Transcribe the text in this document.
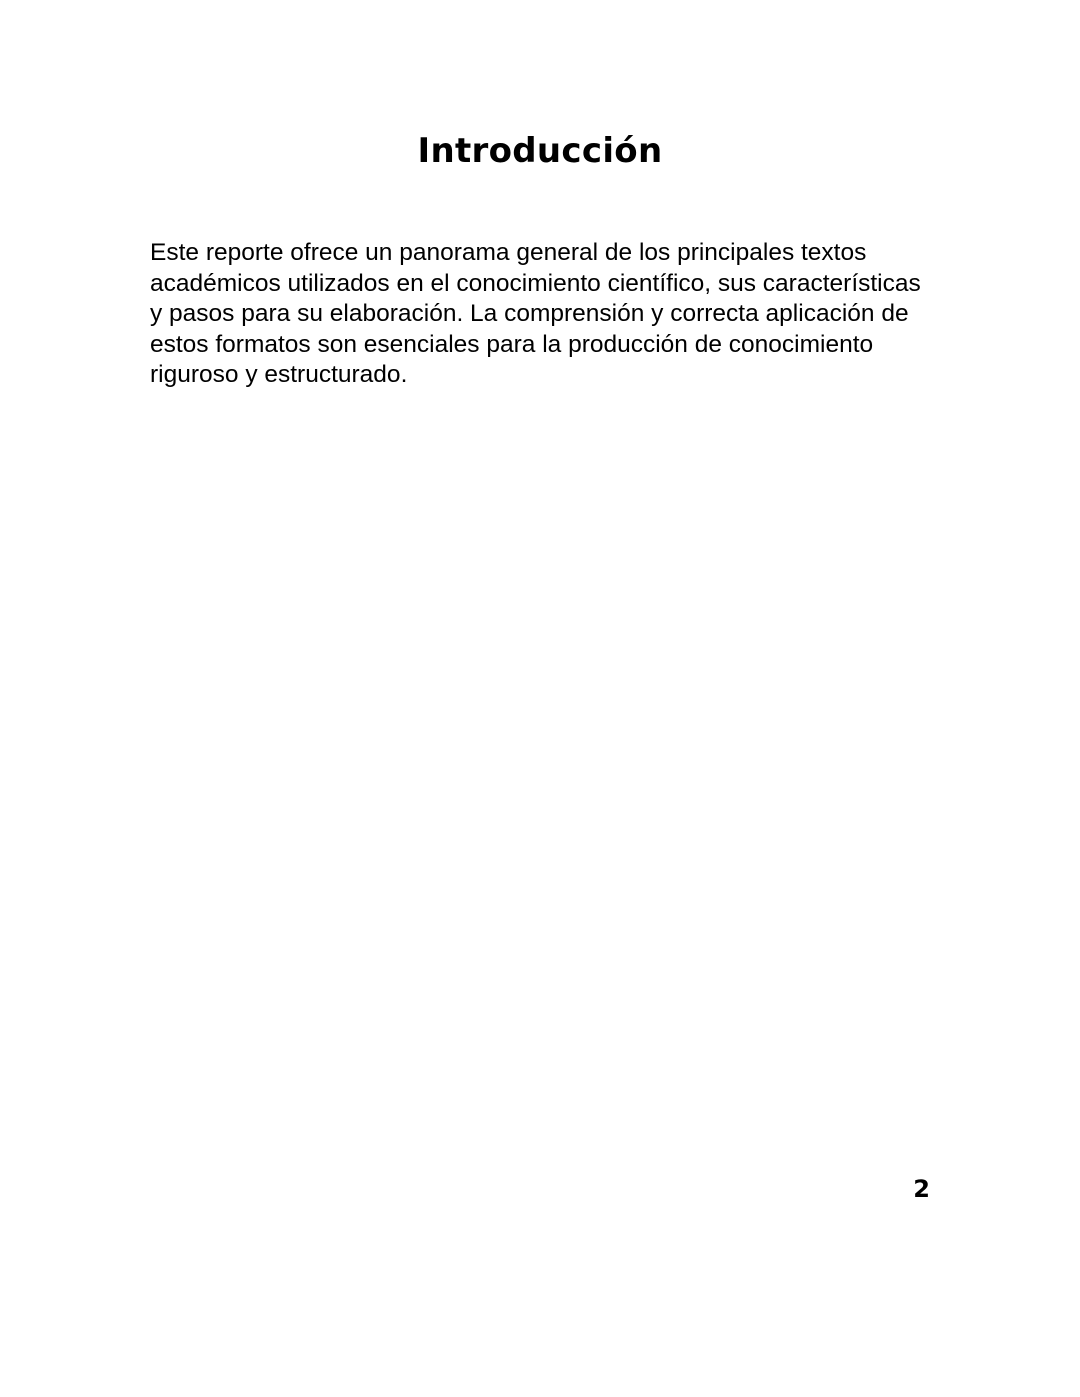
Introducción

Este reporte ofrece un panorama general de los principales textos
académicos utilizados en el conocimiento científico, sus características
y pasos para su elaboración. La comprensión y correcta aplicación de
estos formatos son esenciales para la producción de conocimiento
riguroso y estructurado.

2
